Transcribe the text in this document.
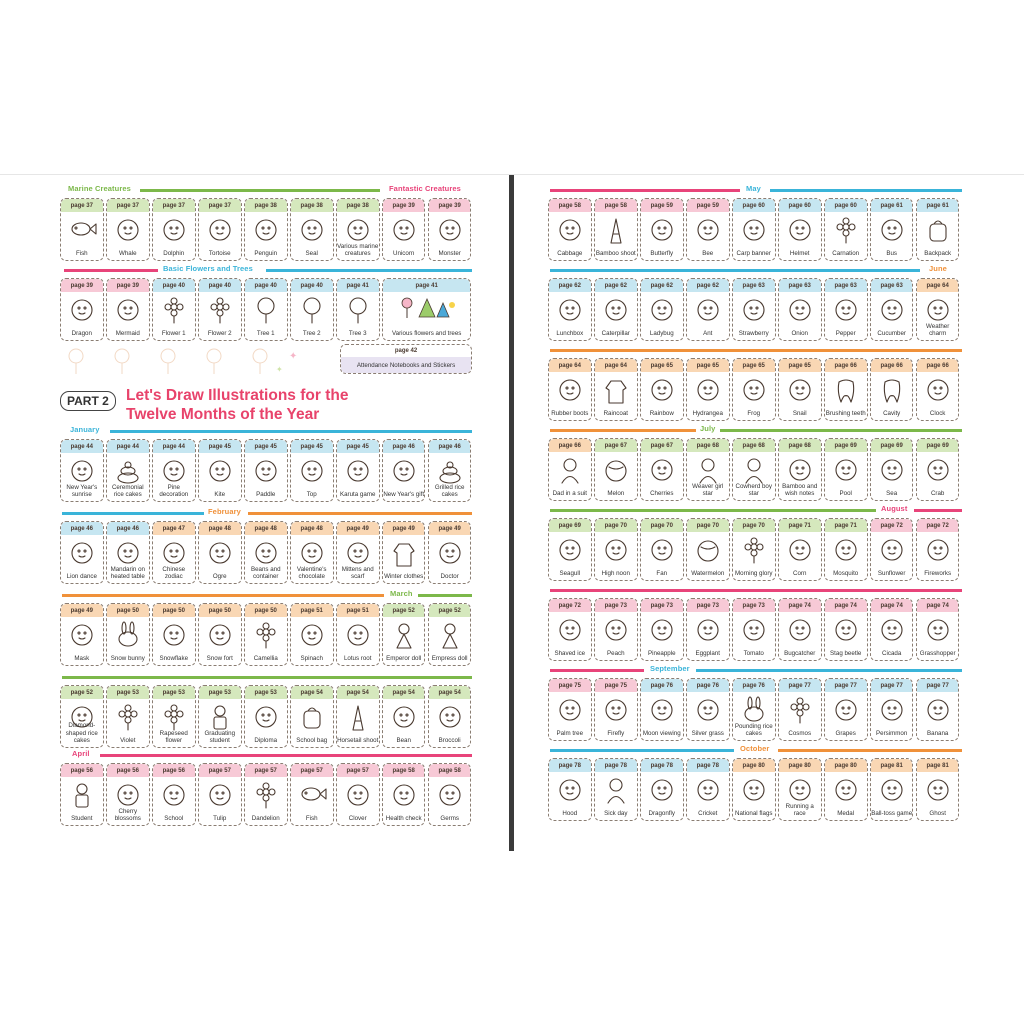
Marine Creatures	Fantastic Creatures
page 37
Fish
page 37
Whale
page 37
Dolphin
page 37
Tortoise
page 38
Penguin
page 38
Seal
page 38
Various marine creatures
page 39
Unicorn
page 39
Monster
Basic Flowers and Trees
page 39
Dragon
page 39
Mermaid
page 40
Flower 1
page 40
Flower 2
page 40
Tree 1
page 40
Tree 2
page 41
Tree 3
page 41
Various flowers and trees
✦
✦
page 42
Attendance Notebooks and Stickers
PART 2	Let's Draw Illustrations for the
Twelve Months of the Year
January
page 44
New Year's sunrise
page 44
Ceremonial rice cakes
page 44
Pine decoration
page 45
Kite
page 45
Paddle
page 45
Top
page 45
Karuta game
page 46
New Year's gift
page 46
Grilled rice cakes
February
page 46
Lion dance
page 46
Mandarin on heated table
page 47
Chinese zodiac
page 48
Ogre
page 48
Beans and container
page 48
Valentine's chocolate
page 49
Mittens and scarf
page 49
Winter clothes
page 49
Doctor
March
page 49
Mask
page 50
Snow bunny
page 50
Snowflake
page 50
Snow fort
page 50
Camellia
page 51
Spinach
page 51
Lotus root
page 52
Emperor doll
page 52
Empress doll
page 52
Diamond-shaped rice cakes
page 53
Violet
page 53
Rapeseed flower
page 53
Graduating student
page 53
Diploma
page 54
School bag
page 54
Horsetail shoot
page 54
Bean
page 54
Broccoli
April
page 56
Student
page 56
Cherry blossoms
page 56
School
page 57
Tulip
page 57
Dandelion
page 57
Fish
page 57
Clover
page 58
Health check
page 58
Germs
May
page 58
Cabbage
page 58
Bamboo shoot
page 59
Butterfly
page 59
Bee
page 60
Carp banner
page 60
Helmet
page 60
Carnation
page 61
Bus
page 61
Backpack
June
page 62
Lunchbox
page 62
Caterpillar
page 62
Ladybug
page 62
Ant
page 63
Strawberry
page 63
Onion
page 63
Pepper
page 63
Cucumber
page 64
Weather charm
page 64
Rubber boots
page 64
Raincoat
page 65
Rainbow
page 65
Hydrangea
page 65
Frog
page 65
Snail
page 66
Brushing teeth
page 66
Cavity
page 66
Clock
July
page 66
Dad in a suit
page 67
Melon
page 67
Cherries
page 68
Weaver girl star
page 68
Cowherd boy star
page 68
Bamboo and wish notes
page 69
Pool
page 69
Sea
page 69
Crab
August
page 69
Seagull
page 70
High noon
page 70
Fan
page 70
Watermelon
page 70
Morning glory
page 71
Corn
page 71
Mosquito
page 72
Sunflower
page 72
Fireworks
page 72
Shaved ice
page 73
Peach
page 73
Pineapple
page 73
Eggplant
page 73
Tomato
page 74
Bugcatcher
page 74
Stag beetle
page 74
Cicada
page 74
Grasshopper
September
page 75
Palm tree
page 75
Firefly
page 76
Moon viewing
page 76
Silver grass
page 76
Pounding rice cakes
page 77
Cosmos
page 77
Grapes
page 77
Persimmon
page 77
Banana
October
page 78
Hood
page 78
Sick day
page 78
Dragonfly
page 78
Cricket
page 80
National flags
page 80
Running a race
page 80
Medal
page 81
Ball-toss game
page 81
Ghost
